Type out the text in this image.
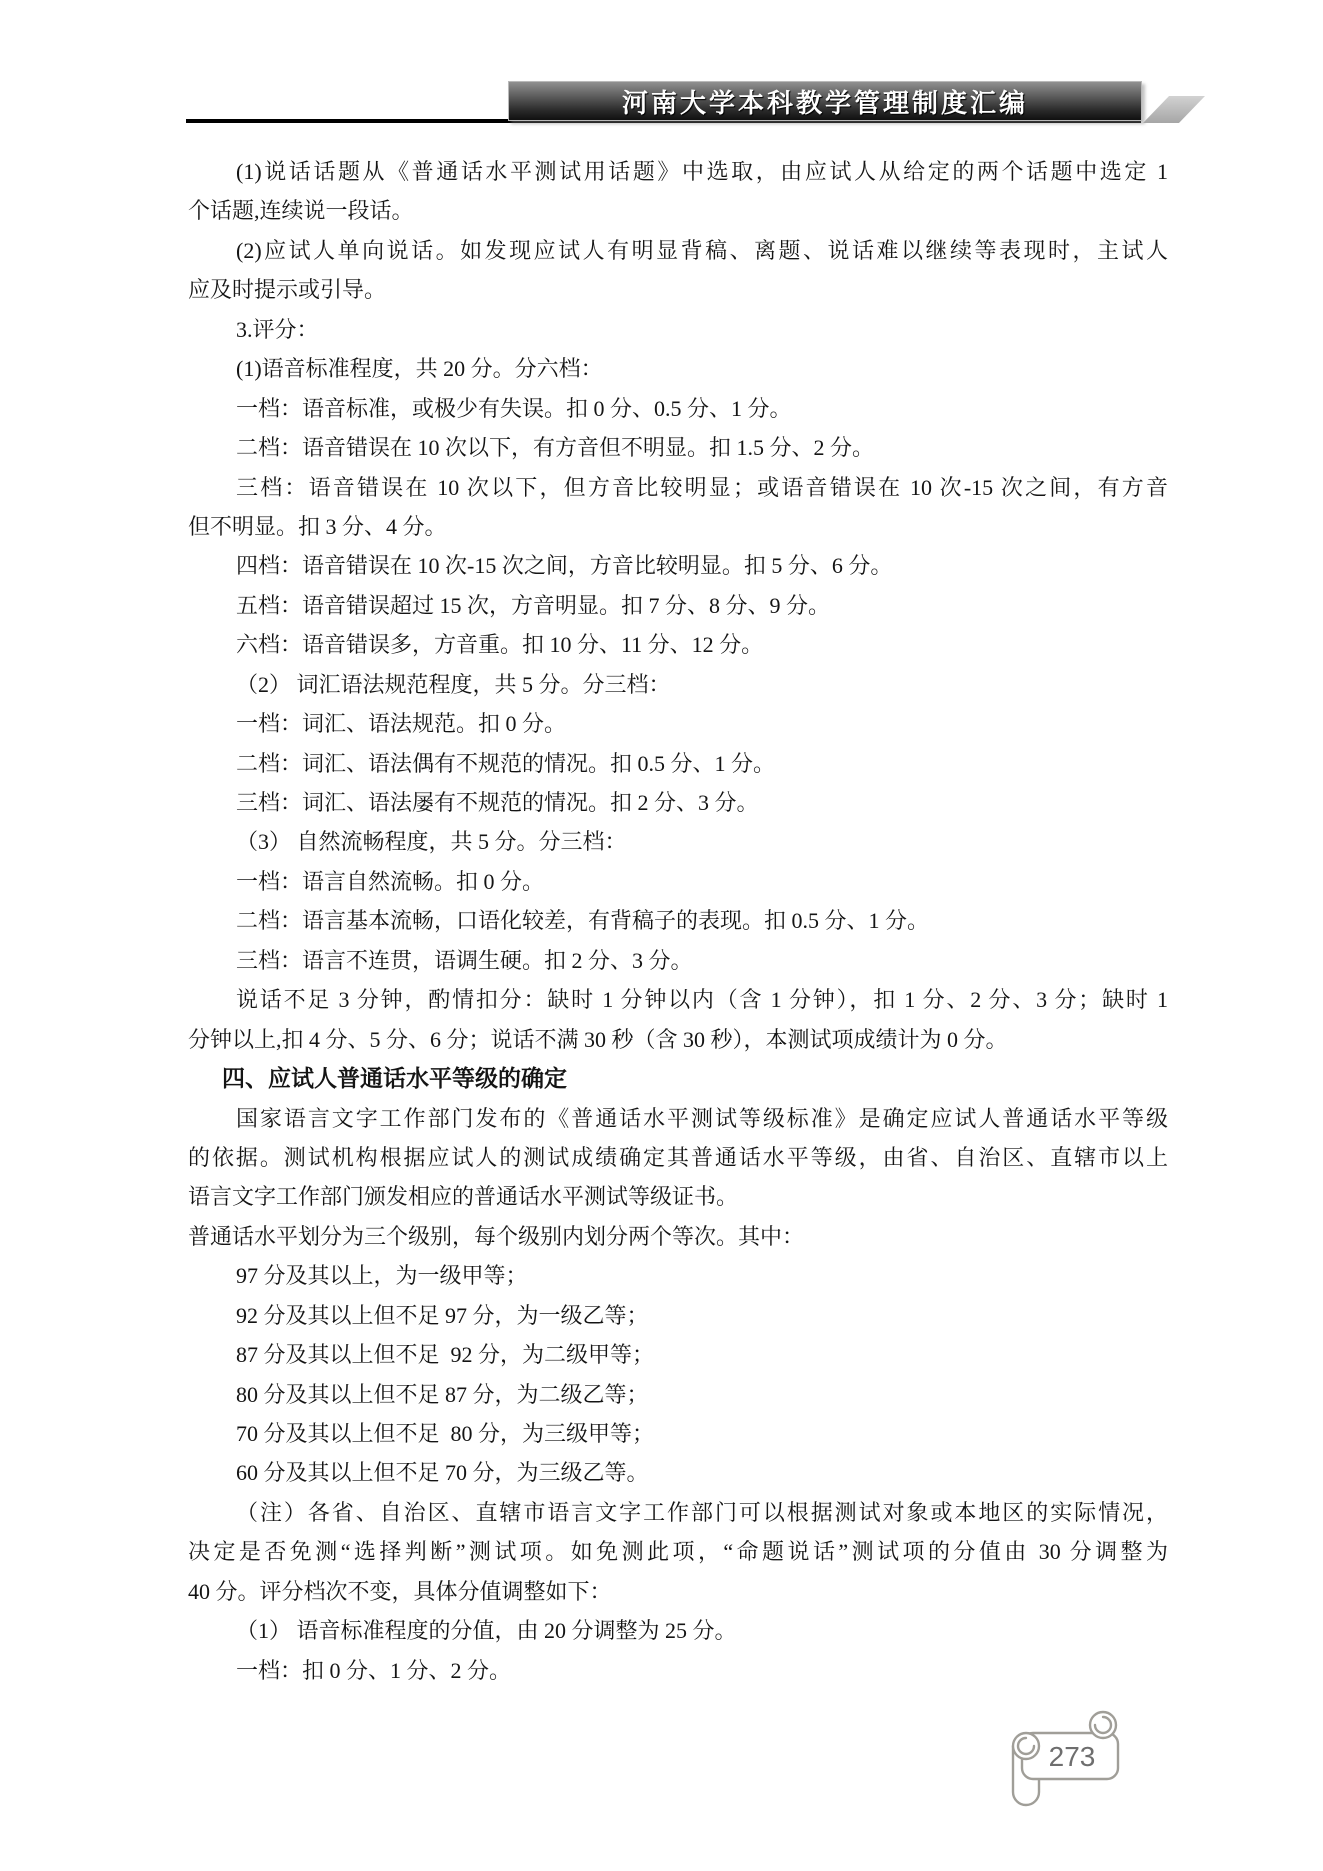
河南大学本科教学管理制度汇编
(1)说话话题从《普通话水平测试用话题》中选取，由应试人从给定的两个话题中选定 1
个话题,连续说一段话。
(2)应试人单向说话。如发现应试人有明显背稿、离题、说话难以继续等表现时，主试人
应及时提示或引导。
3.评分：
(1)语音标准程度，共 20 分。分六档：
一档：语音标准，或极少有失误。扣 0 分、0.5 分、1 分。
二档：语音错误在 10 次以下，有方音但不明显。扣 1.5 分、2 分。
三档：语音错误在 10 次以下，但方音比较明显；或语音错误在 10 次-15 次之间，有方音
但不明显。扣 3 分、4 分。
四档：语音错误在 10 次-15 次之间，方音比较明显。扣 5 分、6 分。
五档：语音错误超过 15 次，方音明显。扣 7 分、8 分、9 分。
六档：语音错误多，方音重。扣 10 分、11 分、12 分。
（2） 词汇语法规范程度，共 5 分。分三档：
一档：词汇、语法规范。扣 0 分。
二档：词汇、语法偶有不规范的情况。扣 0.5 分、1 分。
三档：词汇、语法屡有不规范的情况。扣 2 分、3 分。
（3） 自然流畅程度，共 5 分。分三档：
一档：语言自然流畅。扣 0 分。
二档：语言基本流畅，口语化较差，有背稿子的表现。扣 0.5 分、1 分。
三档：语言不连贯，语调生硬。扣 2 分、3 分。
说话不足 3 分钟，酌情扣分：缺时 1 分钟以内（含 1 分钟），扣 1 分、2 分、3 分；缺时 1
分钟以上,扣 4 分、5 分、6 分；说话不满 30 秒（含 30 秒），本测试项成绩计为 0 分。
四、应试人普通话水平等级的确定
国家语言文字工作部门发布的《普通话水平测试等级标准》是确定应试人普通话水平等级
的依据。测试机构根据应试人的测试成绩确定其普通话水平等级，由省、自治区、直辖市以上
语言文字工作部门颁发相应的普通话水平测试等级证书。
普通话水平划分为三个级别，每个级别内划分两个等次。其中：
97 分及其以上，为一级甲等；
92 分及其以上但不足 97 分，为一级乙等；
87 分及其以上但不足  92 分，为二级甲等；
80 分及其以上但不足 87 分，为二级乙等；
70 分及其以上但不足  80 分，为三级甲等；
60 分及其以上但不足 70 分，为三级乙等。
（注）各省、自治区、直辖市语言文字工作部门可以根据测试对象或本地区的实际情况，
决定是否免测“选择判断”测试项。如免测此项，“命题说话”测试项的分值由 30 分调整为
40 分。评分档次不变，具体分值调整如下：
（1） 语音标准程度的分值，由 20 分调整为 25 分。
一档：扣 0 分、1 分、2 分。
273
